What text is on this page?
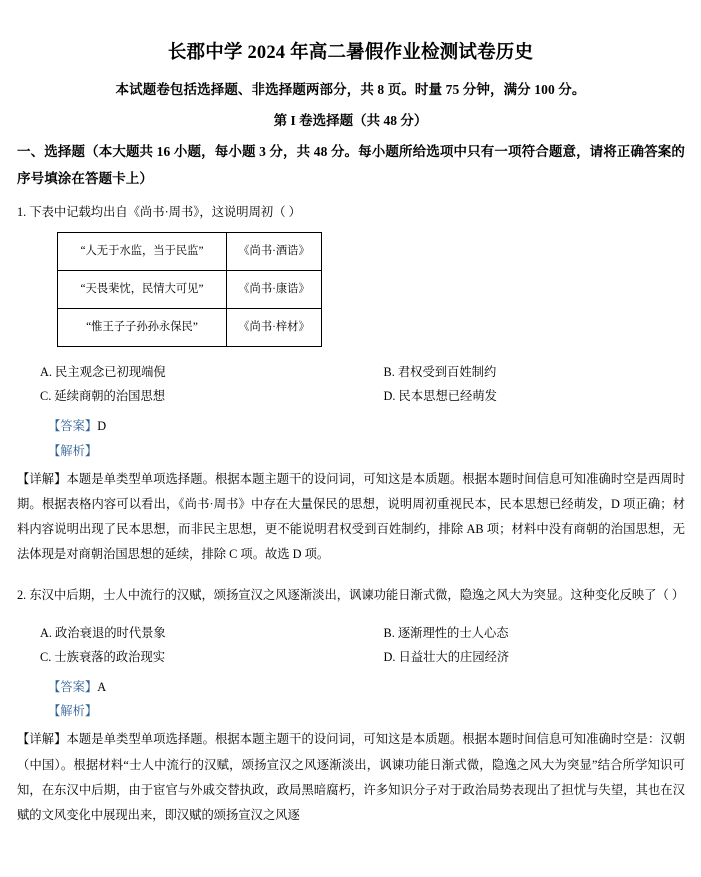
长郡中学 2024 年高二暑假作业检测试卷历史

本试题卷包括选择题、非选择题两部分，共 8 页。时量 75 分钟，满分 100 分。

第 I 卷选择题（共 48 分）

一、选择题（本大题共 16 小题，每小题 3 分，共 48 分。每小题所给选项中只有一项符合题意，请将正确答案的序号填涂在答题卡上）

1. 下表中记载均出自《尚书·周书》，这说明周初（ ）

“人无于水监，当于民监”	《尚书·酒诰》
“天畏棐忱，民情大可见”	《尚书·康诰》
“惟王子子孙孙永保民”	《尚书·梓材》
A. 民主观念已初现端倪	B. 君权受到百姓制约
C. 延续商朝的治国思想	D. 民本思想已经萌发

【答案】D

【解析】

【详解】本题是单类型单项选择题。根据本题主题干的设问词，可知这是本质题。根据本题时间信息可知准确时空是西周时期。根据表格内容可以看出，《尚书·周书》中存在大量保民的思想，说明周初重视民本，民本思想已经萌发，D 项正确；材料内容说明出现了民本思想，而非民主思想，更不能说明君权受到百姓制约，排除 AB 项；材料中没有商朝的治国思想，无法体现是对商朝治国思想的延续，排除 C 项。故选 D 项。

2. 东汉中后期，士人中流行的汉赋，颂扬宣汉之风逐渐淡出，讽谏功能日渐式微，隐逸之风大为突显。这种变化反映了（ ）

A. 政治衰退的时代景象	B. 逐渐理性的士人心态
C. 士族衰落的政治现实	D. 日益壮大的庄园经济

【答案】A

【解析】

【详解】本题是单类型单项选择题。根据本题主题干的设问词，可知这是本质题。根据本题时间信息可知准确时空是：汉朝（中国）。根据材料“士人中流行的汉赋，颂扬宣汉之风逐渐淡出，讽谏功能日渐式微，隐逸之风大为突显”结合所学知识可知，在东汉中后期，由于宦官与外戚交替执政，政局黑暗腐朽，许多知识分子对于政治局势表现出了担忧与失望，其也在汉赋的文风变化中展现出来，即汉赋的颂扬宣汉之风逐
